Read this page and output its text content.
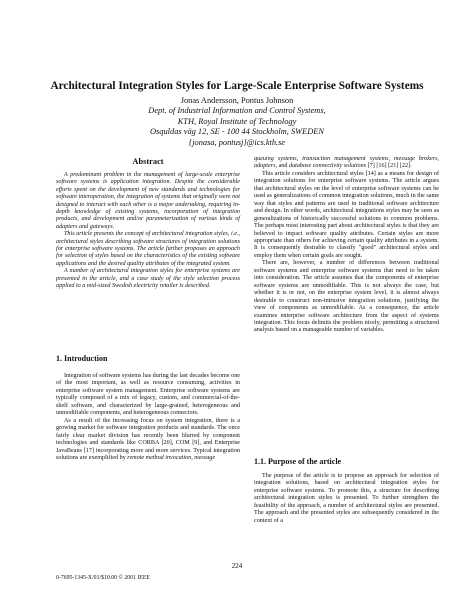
Architectural Integration Styles for Large-Scale Enterprise Software Systems
Jonas Andersson, Pontus Johnson
Dept. of Industrial Information and Control Systems,
KTH, Royal Institute of Technology
Osquldas väg 12, SE - 100 44 Stockholm, SWEDEN
{jonasa, pontusj}@ics.kth.se
Abstract

A predominant problem in the management of large-scale enterprise software systems is application integration. Despite the considerable efforts spent on the development of new standards and technologies for software interoperation, the integration of systems that originally were not designed to interact with each other is a major undertaking, requiring in-depth knowledge of existing systems, incorporation of integration products, and development and/or parameterization of various kinds of adapters and gateways.

This article presents the concept of architectural integration styles, i.e., architectural styles describing software structures of integration solutions for enterprise software systems. The article further proposes an approach for selection of styles based on the characteristics of the existing software applications and the desired quality attributes of the integrated system.

A number of architectural integration styles for enterprise systems are presented in the article, and a case study of the style selection process applied to a mid-sized Swedish electricity retailer is described.

1. Introduction

Integration of software systems has during the last decades become one of the most important, as well as resource consuming, activities in enterprise software system management. Enterprise software systems are typically composed of a mix of legacy, custom, and commercial-of-the-shelf software, and characterized by large-grained, heterogeneous and unmodifiable components, and heterogeneous connectors.

As a result of the increasing focus on system integration, there is a growing market for software integration products and standards. The once fairly clear market division has recently been blurred by component technologies and standards like CORBA [20], COM [9], and Enterprise JavaBeans [17] incorporating more and more services. Typical integration solutions are exemplified by remote method invocation, message

queuing systems, transaction management systems, message brokers, adapters, and database connectivity solutions [7] [16] [21] [22].

This article considers architectural styles [14] as a means for design of integration solutions for enterprise software systems. The article argues that architectural styles on the level of enterprise software systems can be used as generalizations of common integration solutions, much in the same way that styles and patterns are used in traditional software architecture and design. In other words, architectural integrations styles may be seen as generalizations of historically successful solutions to common problems. The perhaps most interesting part about architectural styles is that they are believed to impact software quality attributes. Certain styles are more appropriate than others for achieving certain quality attributes in a system. It is consequently desirable to classify "good" architectural styles and employ them when certain goals are sought.

There are, however, a number of differences between traditional software systems and enterprise software systems that need to be taken into consideration. The article assumes that the components of enterprise software systems are unmodifiable. This is not always the case, but whether it is or not, on the enterprise system level, it is almost always desirable to construct non-intrusive integration solutions, justifying the view of components as unmodifiable. As a consequence, the article examines enterprise software architecture from the aspect of systems integration. This focus delimits the problem nicely, permitting a structured analysis based on a manageable number of variables.

1.1. Purpose of the article

The purpose of the article is to propose an approach for selection of integration solutions, based on architectural integration styles for enterprise software systems. To promote this, a structure for describing architectural integration styles is presented. To further strengthen the feasibility of the approach, a number of architectural styles are presented. The approach and the presented styles are subsequently considered in the context of a

224
0-7695-1345-X/01/$10.00 © 2001 IEEE
